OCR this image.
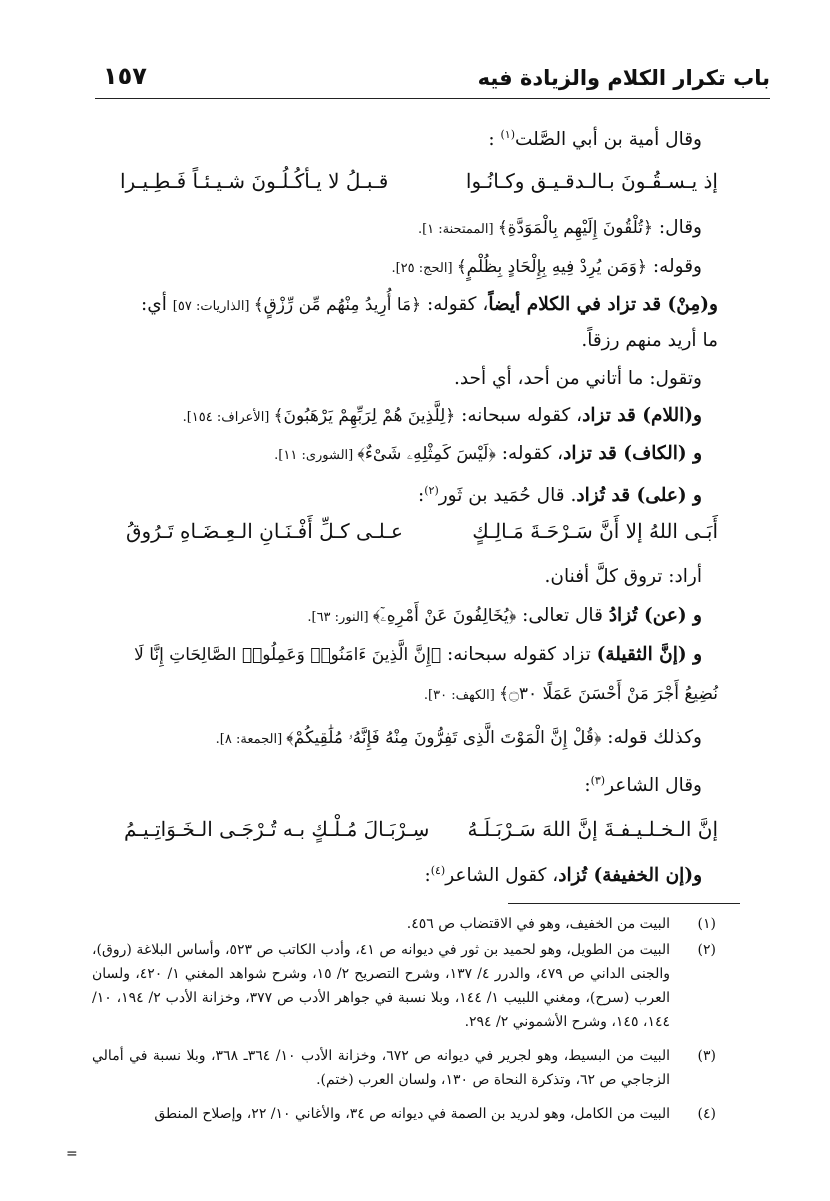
باب تكرار الكلام والزيادة فيه
١٥٧
وقال أمية بن أبي الصَّلت$^{(١)}$ :
إذ يـسـقُـونَ بـالـدقـيـق وكـانُـوا
قـبـلُ لا يـأكُـلُـونَ شـيـئـاً فَـطِـيـرا
وقال: ﴿تُلْقُونَ إِلَيْهِم بِالْمَوَدَّةِ﴾ [الممتحنة: ١].
وقوله: ﴿وَمَن يُرِدْ فِيهِ بِإِلْحَادٍ بِظُلْمٍ﴾ [الحج: ٢٥].
و(مِنْ) قد تزاد في الكلام أيضاً، كقوله: ﴿مَا أُرِيدُ مِنْهُم مِّن رِّزْقٍ﴾ [الذاريات: ٥٧] أي:
ما أريد منهم رزقاً.
وتقول: ما أتاني من أحد، أي أحد.
و(اللام) قد تزاد، كقوله سبحانه: ﴿لِلَّذِينَ هُمْ لِرَبِّهِمْ يَرْهَبُونَ﴾ [الأعراف: ١٥٤].
و (الكاف) قد تزاد، كقوله: ﴿لَيْسَ كَمِثْلِهِۦ شَىْءٌ﴾ [الشورى: ١١].
و (على) قد تُزاد. قال حُمَيد بن ثَور$^{(٢)}$:
أَبَـى اللهُ إلا أَنَّ سَـرْحَـةَ مَـالِـكٍ
عـلـى كـلِّ أَفْـنَـانِ الـعِـضَـاهِ تَـرُوقُ
أراد: تروق كلَّ أفنان.
و (عن) تُزادُ قال تعالى: ﴿يُخَالِفُونَ عَنْ أَمْرِهِۦٓ﴾ [النور: ٦٣].
و (إنَّ الثقيلة) تزاد كقوله سبحانه: ﴿إِنَّ الَّذِينَ ءَامَنُوا۟ وَعَمِلُوا۟ الصَّالِحَاتِ إِنَّا لَا
نُضِيعُ أَجْرَ مَنْ أَحْسَنَ عَمَلًا ۝٣٠﴾ [الكهف: ٣٠].
وكذلك قوله: ﴿قُلْ إِنَّ الْمَوْتَ الَّذِى تَفِرُّونَ مِنْهُ فَإِنَّهُۥ مُلَٰقِيكُمْ﴾ [الجمعة: ٨].
وقال الشاعر$^{(٣)}$:
إنَّ الـخـلـيـفـةَ إنَّ اللهَ سَـرْبَـلَـهُ
سِـرْبَـالَ مُـلْـكٍ بـه تُـرْجَـى الـخَـوَاتِـيـمُ
و(إن الخفيفة) تُزاد، كقول الشاعر$^{(٤)}$:
(١)
البيت من الخفيف، وهو في الاقتضاب ص ٤٥٦.
(٢)
البيت من الطويل، وهو لحميد بن ثور في ديوانه ص ٤١، وأدب الكاتب ص ٥٢٣، وأساس البلاغة (روق)، والجنى الداني ص ٤٧٩، والدرر ٤/ ١٣٧، وشرح التصريح ٢/ ١٥، وشرح شواهد المغني ١/ ٤٢٠، ولسان العرب (سرح)، ومغني اللبيب ١/ ١٤٤، وبلا نسبة في جواهر الأدب ص ٣٧٧، وخزانة الأدب ٢/ ١٩٤، ١٠/ ١٤٤، ١٤٥، وشرح الأشموني ٢/ ٢٩٤.
(٣)
البيت من البسيط، وهو لجرير في ديوانه ص ٦٧٢، وخزانة الأدب ١٠/ ٣٦٤ـ ٣٦٨، وبلا نسبة في أمالي الزجاجي ص ٦٢، وتذكرة النحاة ص ١٣٠، ولسان العرب (ختم).
(٤)
البيت من الكامل، وهو لدريد بن الصمة في ديوانه ص ٣٤، والأغاني ١٠/ ٢٢، وإصلاح المنطق
=
